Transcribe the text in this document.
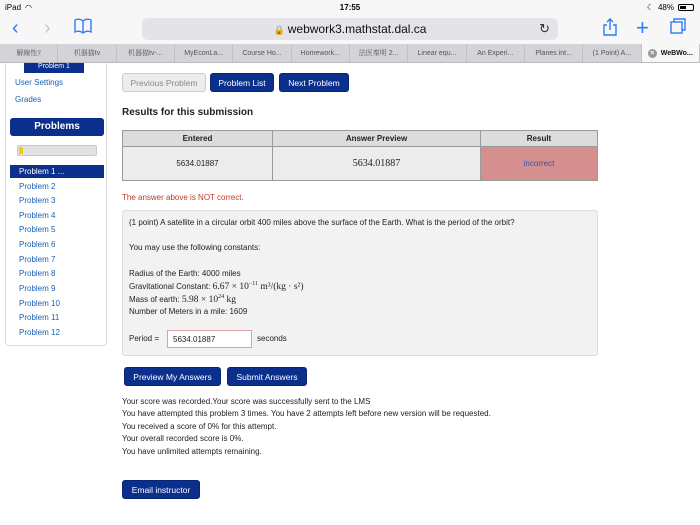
iPad ◠	17:55	☾ 48%
‹ ›	🔒 webwork3.mathstat.dal.ca	↻	+
解線性ﾌ	机器猫tv	机器猫tv-...	MyEconLa...	Course Ho...	Homework...	法医秦明 2...	Linear equ...	An Experi...	Planes int...	(1 Point) A...	× WeBWo...
Problem 1
User Settings
Grades
Problems
Problem 1 ...
Problem 2
Problem 3
Problem 4
Problem 5
Problem 6
Problem 7
Problem 8
Problem 9
Problem 10
Problem 11
Problem 12
Previous Problem	Problem List	Next Problem
Results for this submission
Entered	Answer Preview	Result
5634.01887	5634.01887	incorrect
The answer above is NOT correct.
(1 point) A satellite in a circular orbit 400 miles above the surface of the Earth. What is the period of the orbit?
You may use the following constants:
Radius of the Earth: 4000 miles
Gravitational Constant: $6.67 \times 10^{-11}$ m³/(kg · s²)
Mass of earth: $5.98 \times 10^{24}$ kg
Number of Meters in a mile: 1609
Period =
5634.01887	seconds
Preview My Answers	Submit Answers
Your score was recorded.Your score was successfully sent to the LMS
You have attempted this problem 3 times. You have 2 attempts left before new version will be requested.
You received a score of 0% for this attempt.
Your overall recorded score is 0%.
You have unlimited attempts remaining.
Email instructor
